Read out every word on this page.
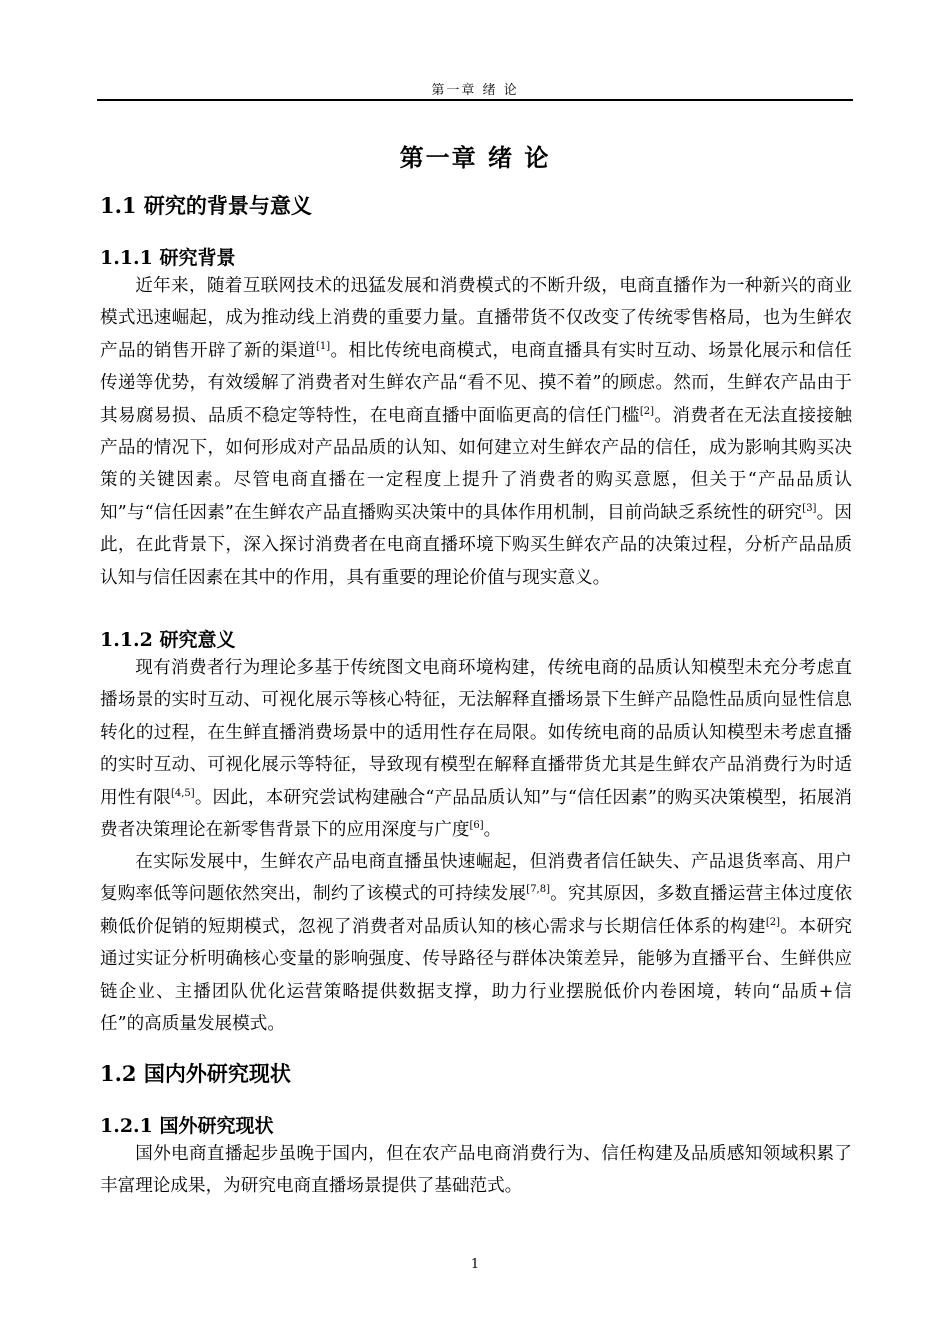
第一章 绪 论
第一章 绪 论
1.1 研究的背景与意义
1.1.1 研究背景

近年来，随着互联网技术的迅猛发展和消费模式的不断升级，电商直播作为一种新兴的商业模式迅速崛起，成为推动线上消费的重要力量。直播带货不仅改变了传统零售格局，也为生鲜农产品的销售开辟了新的渠道[1]。相比传统电商模式，电商直播具有实时互动、场景化展示和信任传递等优势，有效缓解了消费者对生鲜农产品“看不见、摸不着”的顾虑。然而，生鲜农产品由于其易腐易损、品质不稳定等特性，在电商直播中面临更高的信任门槛[2]。消费者在无法直接接触产品的情况下，如何形成对产品品质的认知、如何建立对生鲜农产品的信任，成为影响其购买决策的关键因素。尽管电商直播在一定程度上提升了消费者的购买意愿，但关于“产品品质认知”与“信任因素”在生鲜农产品直播购买决策中的具体作用机制，目前尚缺乏系统性的研究[3]。因此，在此背景下，深入探讨消费者在电商直播环境下购买生鲜农产品的决策过程，分析产品品质认知与信任因素在其中的作用，具有重要的理论价值与现实意义。

1.1.2 研究意义

现有消费者行为理论多基于传统图文电商环境构建，传统电商的品质认知模型未充分考虑直播场景的实时互动、可视化展示等核心特征，无法解释直播场景下生鲜产品隐性品质向显性信息转化的过程，在生鲜直播消费场景中的适用性存在局限。如传统电商的品质认知模型未考虑直播的实时互动、可视化展示等特征，导致现有模型在解释直播带货尤其是生鲜农产品消费行为时适用性有限[4,5]。因此，本研究尝试构建融合“产品品质认知”与“信任因素”的购买决策模型，拓展消费者决策理论在新零售背景下的应用深度与广度[6]。

在实际发展中，生鲜农产品电商直播虽快速崛起，但消费者信任缺失、产品退货率高、用户复购率低等问题依然突出，制约了该模式的可持续发展[7,8]。究其原因，多数直播运营主体过度依赖低价促销的短期模式，忽视了消费者对品质认知的核心需求与长期信任体系的构建[2]。本研究通过实证分析明确核心变量的影响强度、传导路径与群体决策差异，能够为直播平台、生鲜供应链企业、主播团队优化运营策略提供数据支撑，助力行业摆脱低价内卷困境，转向“品质+信任”的高质量发展模式。

1.2 国内外研究现状
1.2.1 国外研究现状

国外电商直播起步虽晚于国内，但在农产品电商消费行为、信任构建及品质感知领域积累了丰富理论成果，为研究电商直播场景提供了基础范式。

1
